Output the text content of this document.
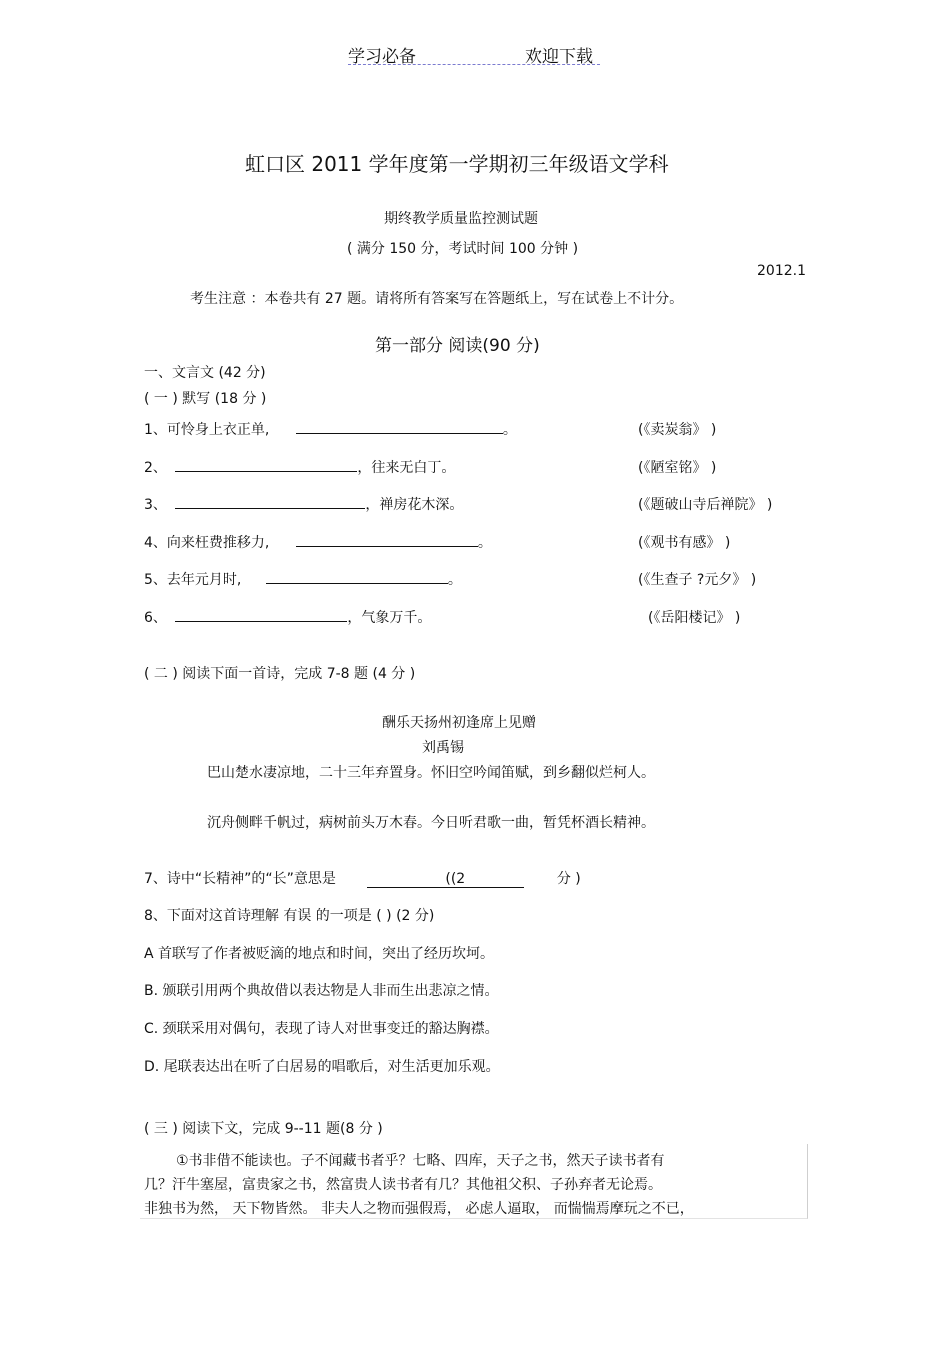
学习必备	欢迎下载
虹口区 2011 学年度第一学期初三年级语文学科
期终教学质量监控测试题
( 满分 150 分，考试时间 100 分钟 )
2012.1
考生注意 ：本卷共有 27 题。请将所有答案写在答题纸上，写在试卷上不计分。
第一部分 阅读(90 分)
一、文言文 (42 分)
( 一 ) 默写 (18 分 )
1、可怜身上衣正单,	。	(《卖炭翁》 )
2、	，往来无白丁。	(《陋室铭》 )
3、	，禅房花木深。	(《题破山寺后禅院》 )
4、向来枉费推移力,	。	(《观书有感》 )
5、去年元月时,	。	(《生查子 ?元夕》 )
6、	，气象万千。	(《岳阳楼记》 )
( 二 ) 阅读下面一首诗，完成 7-8 题 (4 分 )
酬乐天扬州初逢席上见赠
刘禹锡
巴山楚水凄凉地，二十三年弃置身。怀旧空吟闻笛赋，到乡翻似烂柯人。
沉舟侧畔千帆过，病树前头万木春。今日听君歌一曲，暂凭杯酒长精神。
7、诗中“长精神”的“长”意思是	((2	分 )
8、下面对这首诗理解 有误 的一项是 ( ) (2 分)
A 首联写了作者被贬滴的地点和时间，突出了经历坎坷。
B. 颁联引用两个典故借以表达物是人非而生出悲凉之情。
C. 颈联采用对偶句，表现了诗人对世事变迁的豁达胸襟。
D. 尾联表达出在听了白居易的唱歌后，对生活更加乐观。
( 三 ) 阅读下文，完成 9--11 题(8 分 )
①书非借不能读也。子不闻藏书者乎？七略、四库，天子之书，然天子读书者有
几？汗牛塞屋，富贵家之书，然富贵人读书者有几？其他祖父积、子孙弃者无论焉。
非独书为然， 天下物皆然。 非夫人之物而强假焉， 必虑人逼取， 而惴惴焉摩玩之不已，
